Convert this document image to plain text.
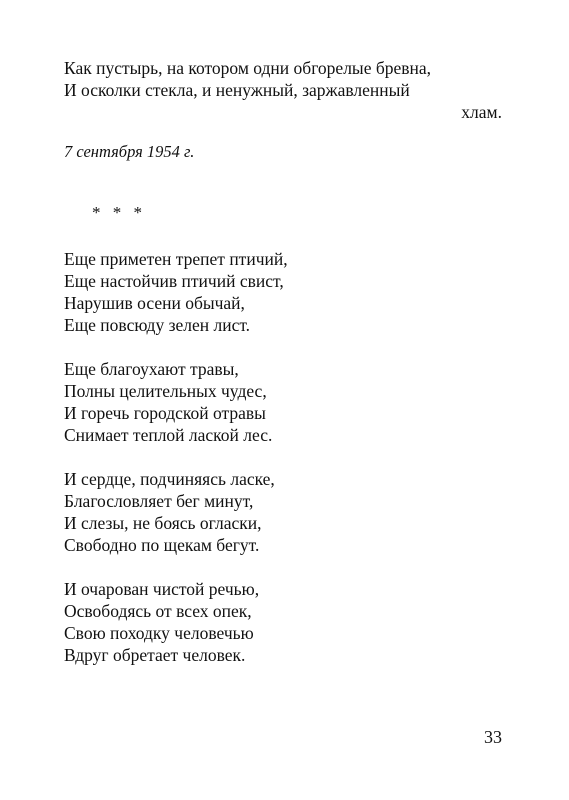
Как пустырь, на котором одни обгорелые бревна,
И осколки стекла, и ненужный, заржавленный
хлам.
7 сентября 1954 г.
* * *
Еще приметен трепет птичий,
Еще настойчив птичий свист,
Нарушив осени обычай,
Еще повсюду зелен лист.
Еще благоухают травы,
Полны целительных чудес,
И горечь городской отравы
Снимает теплой лаской лес.
И сердце, подчиняясь ласке,
Благословляет бег минут,
И слезы, не боясь огласки,
Свободно по щекам бегут.
И очарован чистой речью,
Освободясь от всех опек,
Свою походку человечью
Вдруг обретает человек.
33
